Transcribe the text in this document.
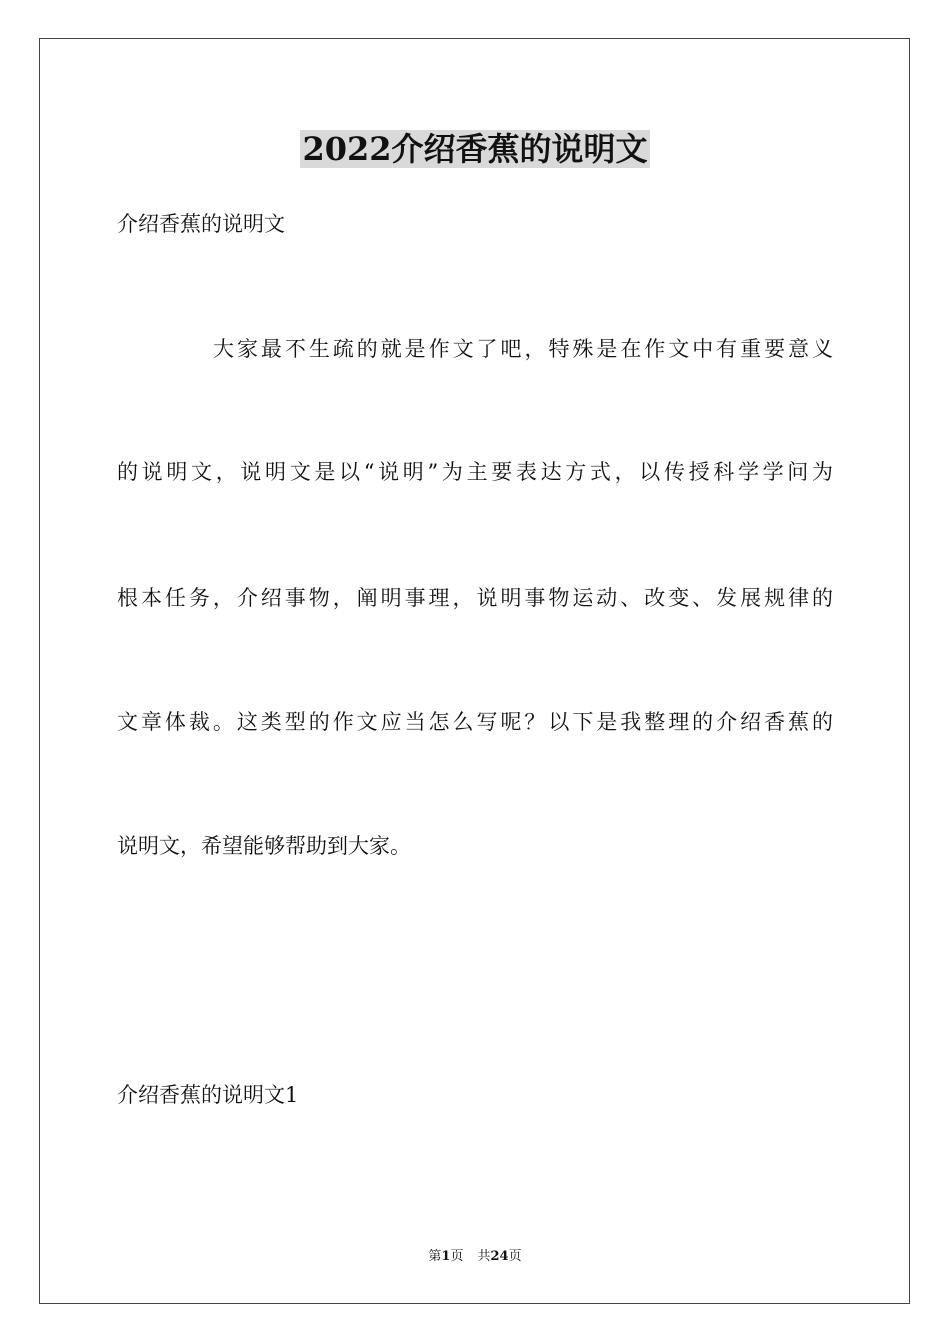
2022介绍香蕉的说明文
介绍香蕉的说明文
大家最不生疏的就是作文了吧，特殊是在作文中有重要意义
的说明文，说明文是以“说明”为主要表达方式，以传授科学学问为
根本任务，介绍事物，阐明事理，说明事物运动、改变、发展规律的
文章体裁。这类型的作文应当怎么写呢？以下是我整理的介绍香蕉的
说明文，希望能够帮助到大家。
介绍香蕉的说明文1
第1页 共24页
